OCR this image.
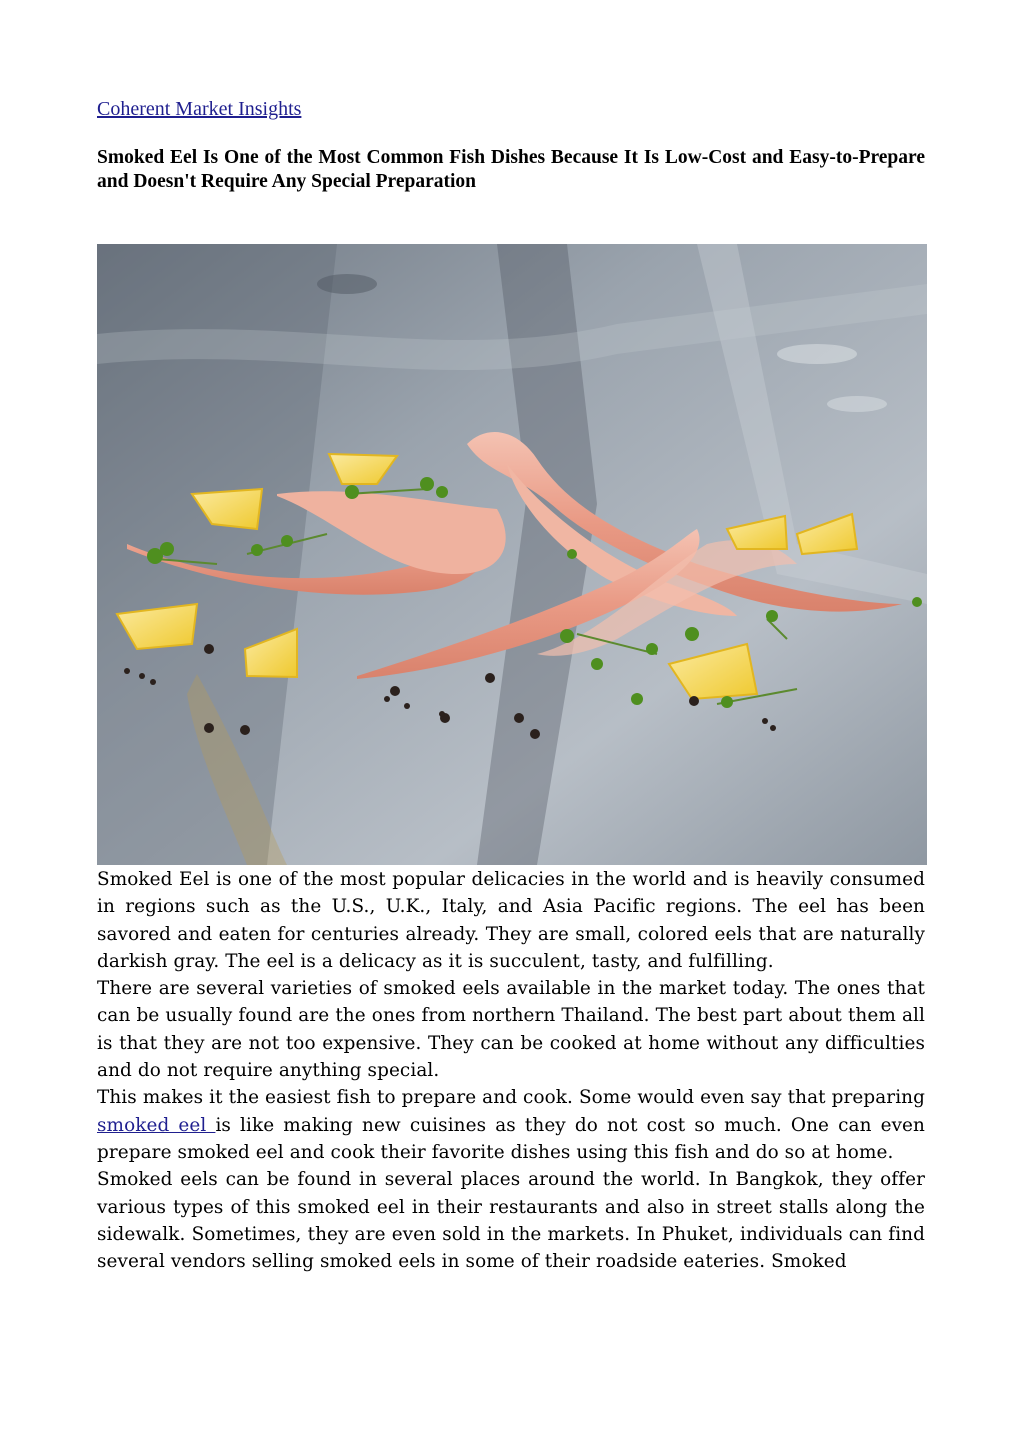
Coherent Market Insights
Smoked Eel Is One of the Most Common Fish Dishes Because It Is Low-Cost and Easy-to-Prepare and Doesn't Require Any Special Preparation

Smoked Eel is one of the most popular delicacies in the world and is heavily consumed in regions such as the U.S., U.K., Italy, and Asia Pacific regions. The eel has been savored and eaten for centuries already. They are small, colored eels that are naturally darkish gray. The eel is a delicacy as it is succulent, tasty, and fulfilling.

There are several varieties of smoked eels available in the market today. The ones that can be usually found are the ones from northern Thailand. The best part about them all is that they are not too expensive. They can be cooked at home without any difficulties and do not require anything special.

This makes it the easiest fish to prepare and cook. Some would even say that preparing smoked eel is like making new cuisines as they do not cost so much. One can even prepare smoked eel and cook their favorite dishes using this fish and do so at home.

Smoked eels can be found in several places around the world. In Bangkok, they offer various types of this smoked eel in their restaurants and also in street stalls along the sidewalk. Sometimes, they are even sold in the markets. In Phuket, individuals can find several vendors selling smoked eels in some of their roadside eateries. Smoked
